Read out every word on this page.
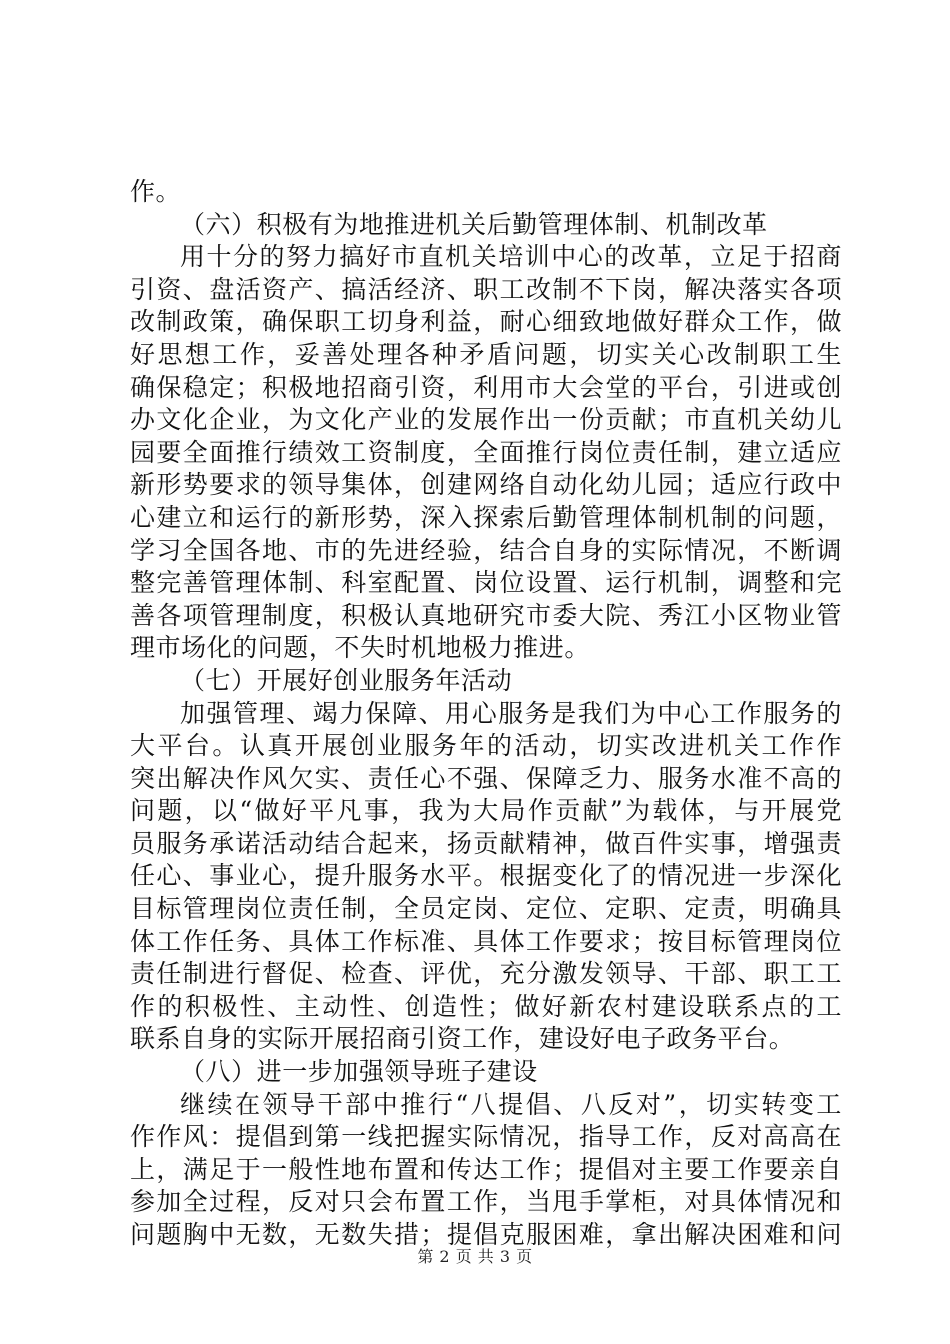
作。
（六）积极有为地推进机关后勤管理体制、机制改革
用十分的努力搞好市直机关培训中心的改革，立足于招商
引资、盘活资产、搞活经济、职工改制不下岗，解决落实各项
改制政策，确保职工切身利益，耐心细致地做好群众工作，做
好思想工作，妥善处理各种矛盾问题，切实关心改制职工生
确保稳定；积极地招商引资，利用市大会堂的平台，引进或创
办文化企业，为文化产业的发展作出一份贡献；市直机关幼儿
园要全面推行绩效工资制度，全面推行岗位责任制，建立适应
新形势要求的领导集体，创建网络自动化幼儿园；适应行政中
心建立和运行的新形势，深入探索后勤管理体制机制的问题，
学习全国各地、市的先进经验，结合自身的实际情况，不断调
整完善管理体制、科室配置、岗位设置、运行机制，调整和完
善各项管理制度，积极认真地研究市委大院、秀江小区物业管
理市场化的问题，不失时机地极力推进。
（七）开展好创业服务年活动
加强管理、竭力保障、用心服务是我们为中心工作服务的
大平台。认真开展创业服务年的活动，切实改进机关工作作
突出解决作风欠实、责任心不强、保障乏力、服务水准不高的
问题，以“做好平凡事，我为大局作贡献”为载体，与开展党
员服务承诺活动结合起来，扬贡献精神，做百件实事，增强责
任心、事业心，提升服务水平。根据变化了的情况进一步深化
目标管理岗位责任制，全员定岗、定位、定职、定责，明确具
体工作任务、具体工作标准、具体工作要求；按目标管理岗位
责任制进行督促、检查、评优，充分激发领导、干部、职工工
作的积极性、主动性、创造性；做好新农村建设联系点的工
联系自身的实际开展招商引资工作，建设好电子政务平台。
（八）进一步加强领导班子建设
继续在领导干部中推行“八提倡、八反对”，切实转变工
作作风：提倡到第一线把握实际情况，指导工作，反对高高在
上，满足于一般性地布置和传达工作；提倡对主要工作要亲自
参加全过程，反对只会布置工作，当甩手掌柜，对具体情况和
问题胸中无数，无数失措；提倡克服困难，拿出解决困难和问
第 2 页 共 3 页
